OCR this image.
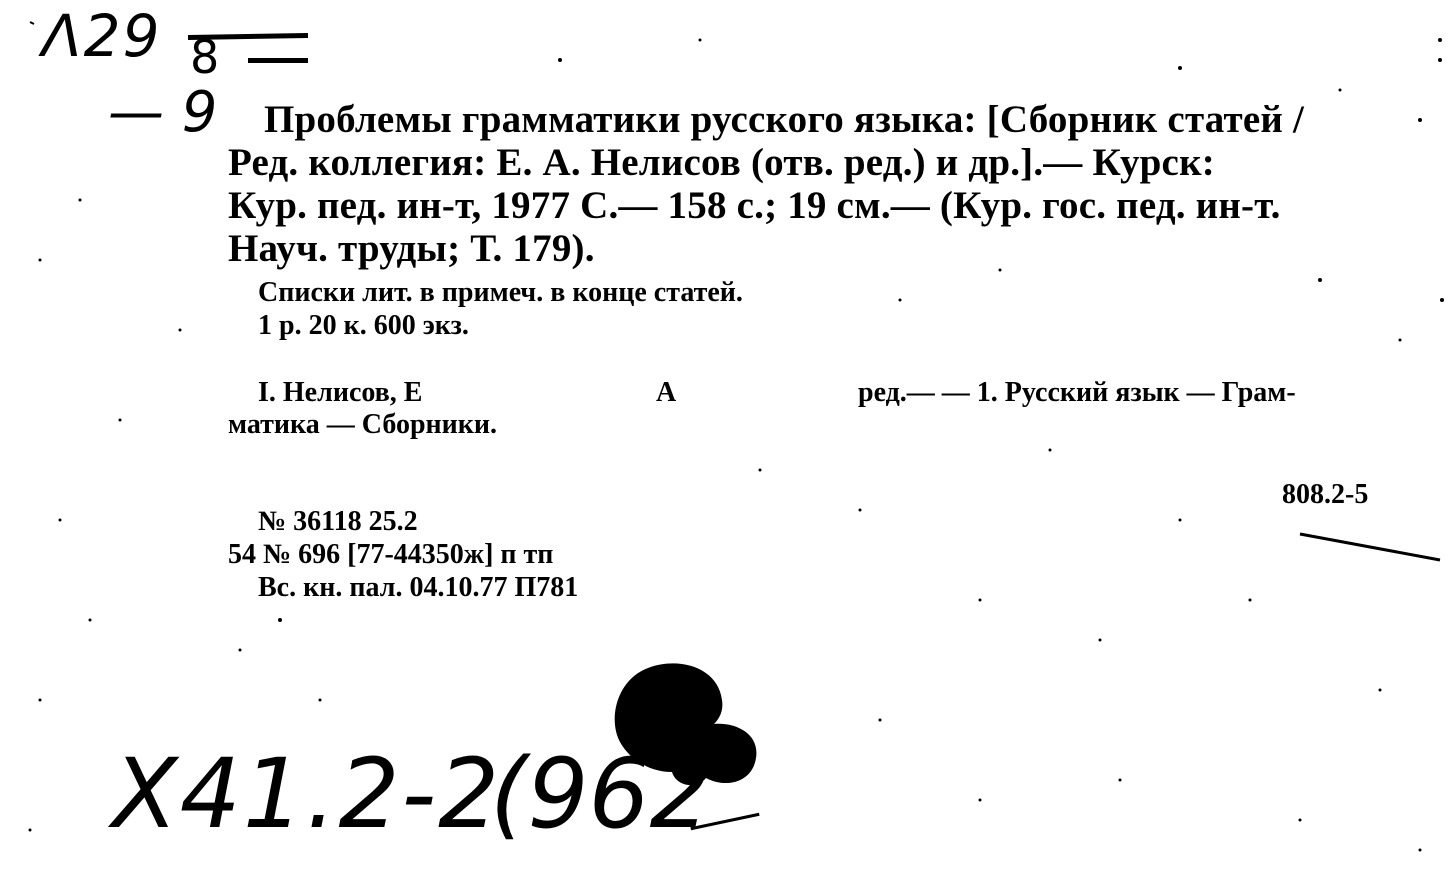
Λ29 8
— 9	Проблемы грамматики русского языка: [Сборник статей /
Ред. коллегия: Е. А. Нелисов (отв. ред.) и др.].— Курск:
Кур. пед. ин-т, 1977 С.— 158 с.; 19 см.— (Кур. гос. пед. ин-т.
Науч. труды; Т. 179).
Списки лит. в примеч. в конце статей.
1 р. 20 к. 600 экз.
I. Нелисов, Е	А	ред.— — 1. Русский язык — Грам-
матика — Сборники.
808.2-5
№ 36118 25.2
54 № 696 [77-44350ж] п тп
Вс. кн. пал. 04.10.77 П781
Х41.2-2
(962
